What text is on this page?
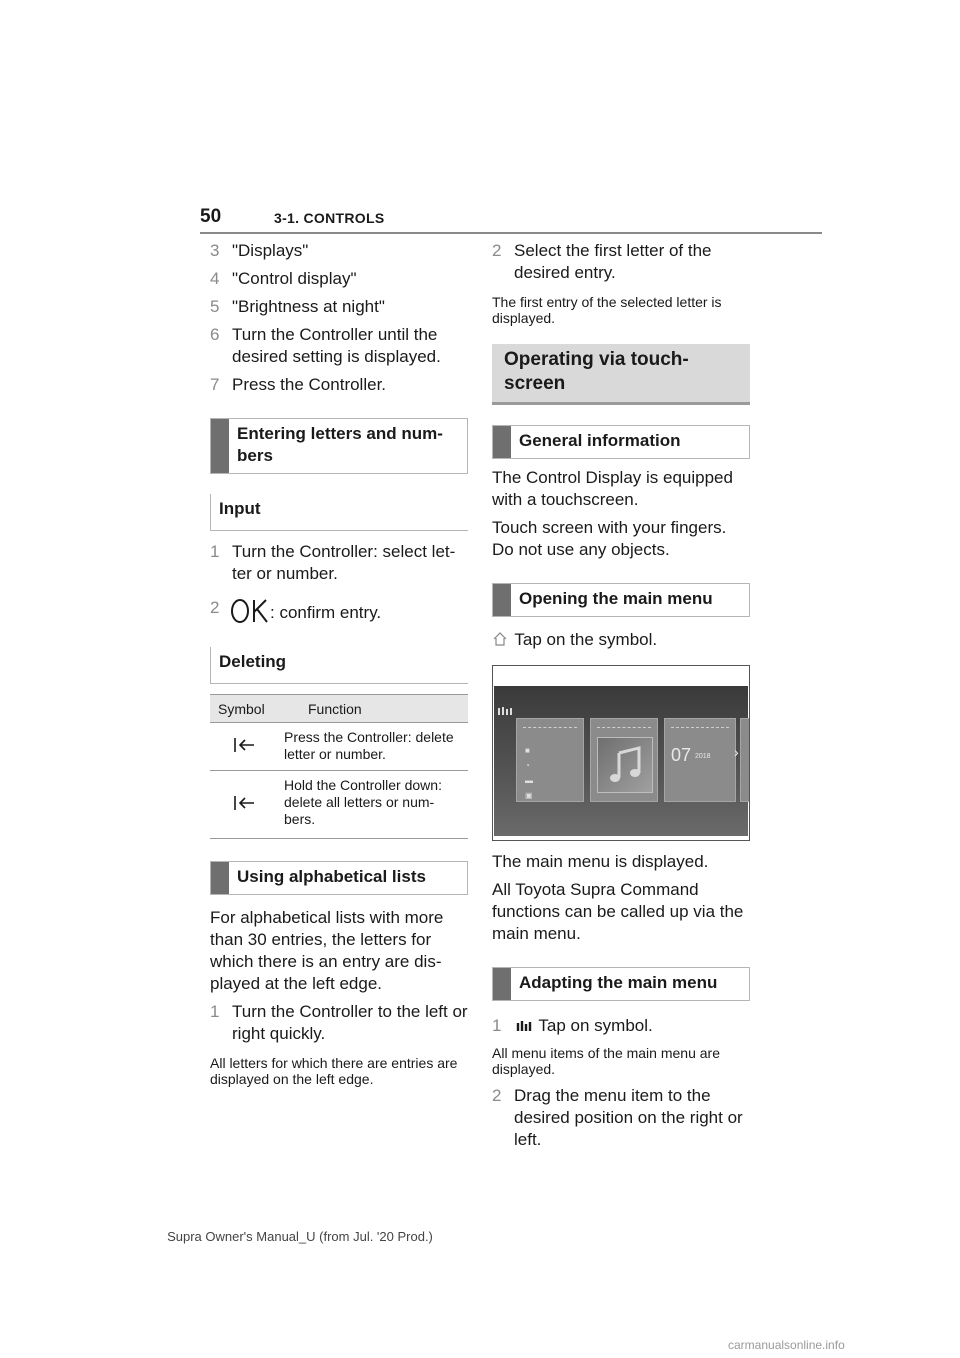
50	3-1. CONTROLS
3 "Displays"
4 "Control display"
5 "Brightness at night"
6 Turn the Controller until the desired setting is displayed.
7 Press the Controller.
Entering letters and num-bers
Input
1 Turn the Controller: select let-ter or number.
2	: confirm entry.
Deleting
Symbol	Function
	Press the Controller: delete letter or number.
	Hold the Controller down: delete all letters or num-bers.
Using alphabetical lists
For alphabetical lists with more than 30 entries, the letters for which there is an entry are dis-played at the left edge.
1 Turn the Controller to the left or right quickly.
All letters for which there are entries are displayed on the left edge.
2 Select the first letter of the desired entry.
The first entry of the selected letter is displayed.
Operating via touch-screen
General information
The Control Display is equipped with a touchscreen.
Touch screen with your fingers. Do not use any objects.
Opening the main menu
Tap on the symbol.
■
◔
▬
▣
07 2018 ›
The main menu is displayed.
All Toyota Supra Command functions can be called up via the main menu.
Adapting the main menu
1 Tap on symbol.
All menu items of the main menu are displayed.
2 Drag the menu item to the desired position on the right or left.
Supra Owner's Manual_U (from Jul. '20 Prod.)
carmanualsonline.info
